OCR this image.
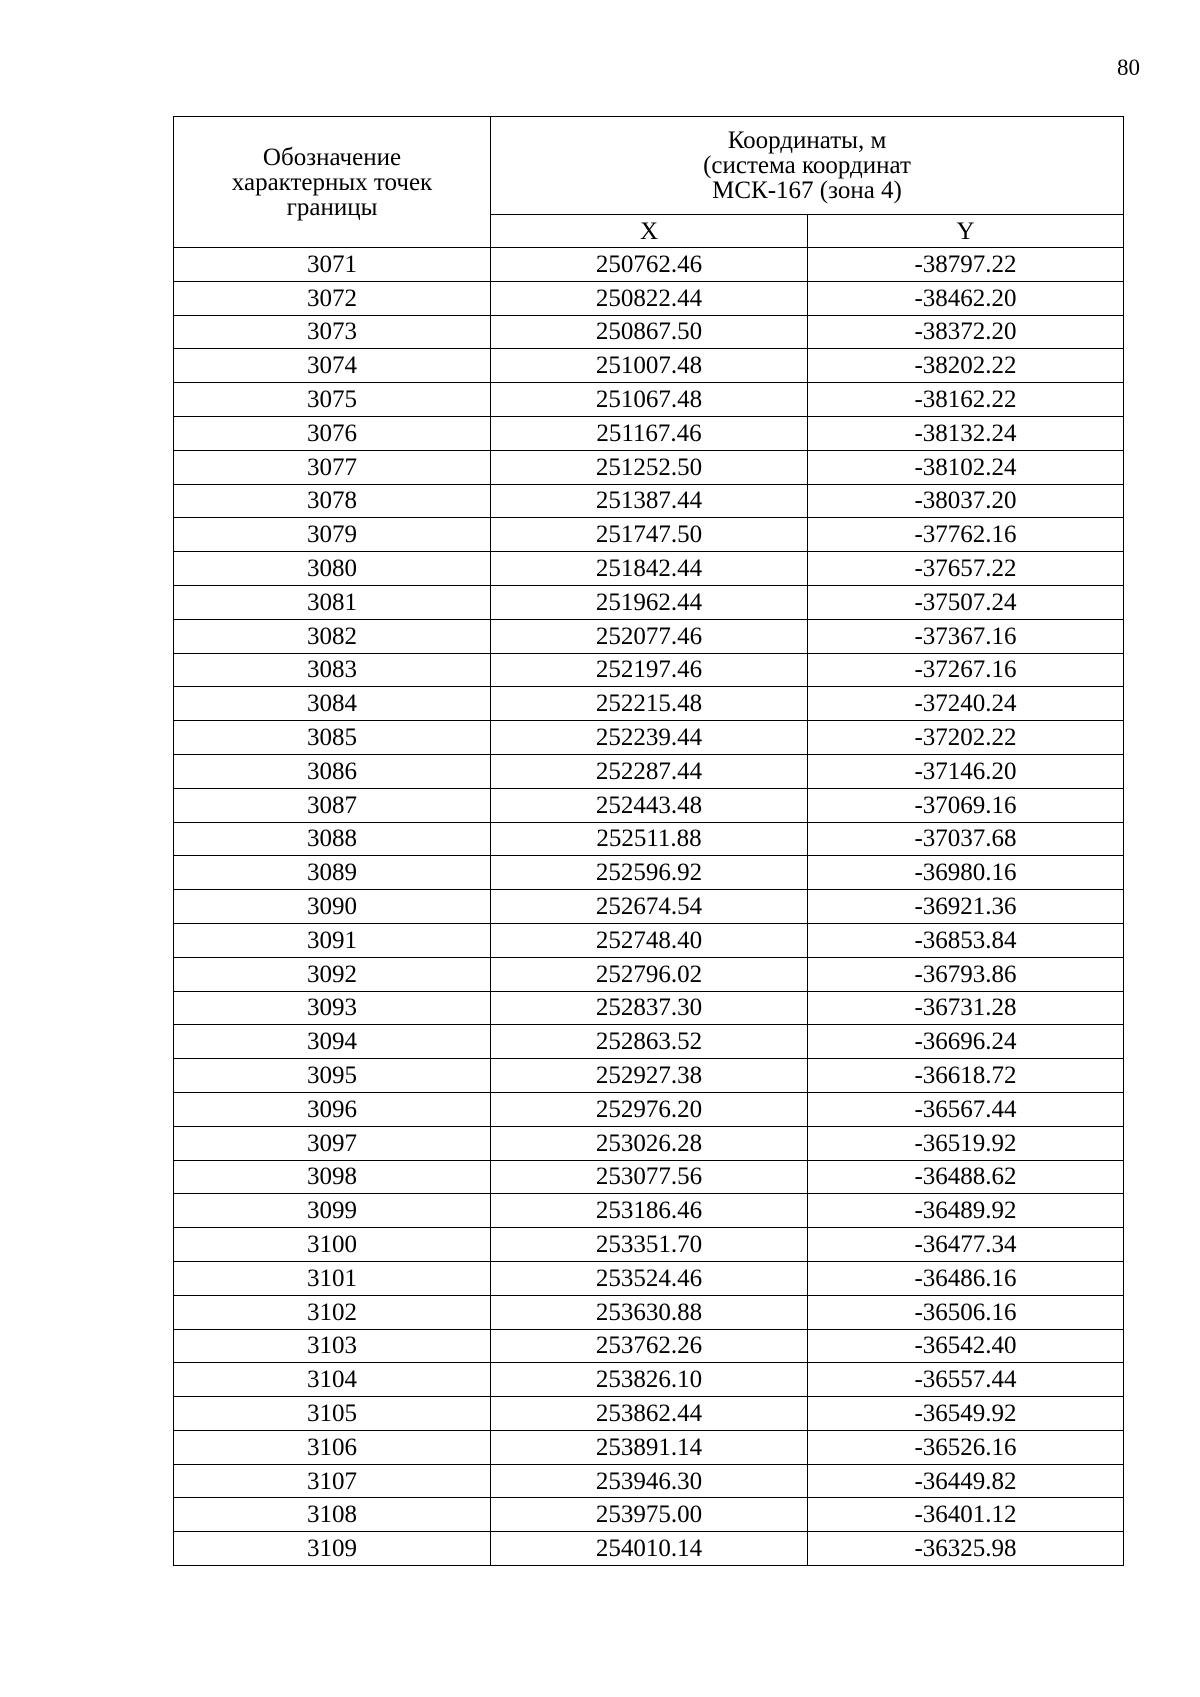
80
Обозначение характерных точек границы	Координаты, м
(система координат
МСК-167 (зона 4)	

	X	Y
3071	250762.46	-38797.22
3072	250822.44	-38462.20
3073	250867.50	-38372.20
3074	251007.48	-38202.22
3075	251067.48	-38162.22
3076	251167.46	-38132.24
3077	251252.50	-38102.24
3078	251387.44	-38037.20
3079	251747.50	-37762.16
3080	251842.44	-37657.22
3081	251962.44	-37507.24
3082	252077.46	-37367.16
3083	252197.46	-37267.16
3084	252215.48	-37240.24
3085	252239.44	-37202.22
3086	252287.44	-37146.20
3087	252443.48	-37069.16
3088	252511.88	-37037.68
3089	252596.92	-36980.16
3090	252674.54	-36921.36
3091	252748.40	-36853.84
3092	252796.02	-36793.86
3093	252837.30	-36731.28
3094	252863.52	-36696.24
3095	252927.38	-36618.72
3096	252976.20	-36567.44
3097	253026.28	-36519.92
3098	253077.56	-36488.62
3099	253186.46	-36489.92
3100	253351.70	-36477.34
3101	253524.46	-36486.16
3102	253630.88	-36506.16
3103	253762.26	-36542.40
3104	253826.10	-36557.44
3105	253862.44	-36549.92
3106	253891.14	-36526.16
3107	253946.30	-36449.82
3108	253975.00	-36401.12
3109	254010.14	-36325.98
